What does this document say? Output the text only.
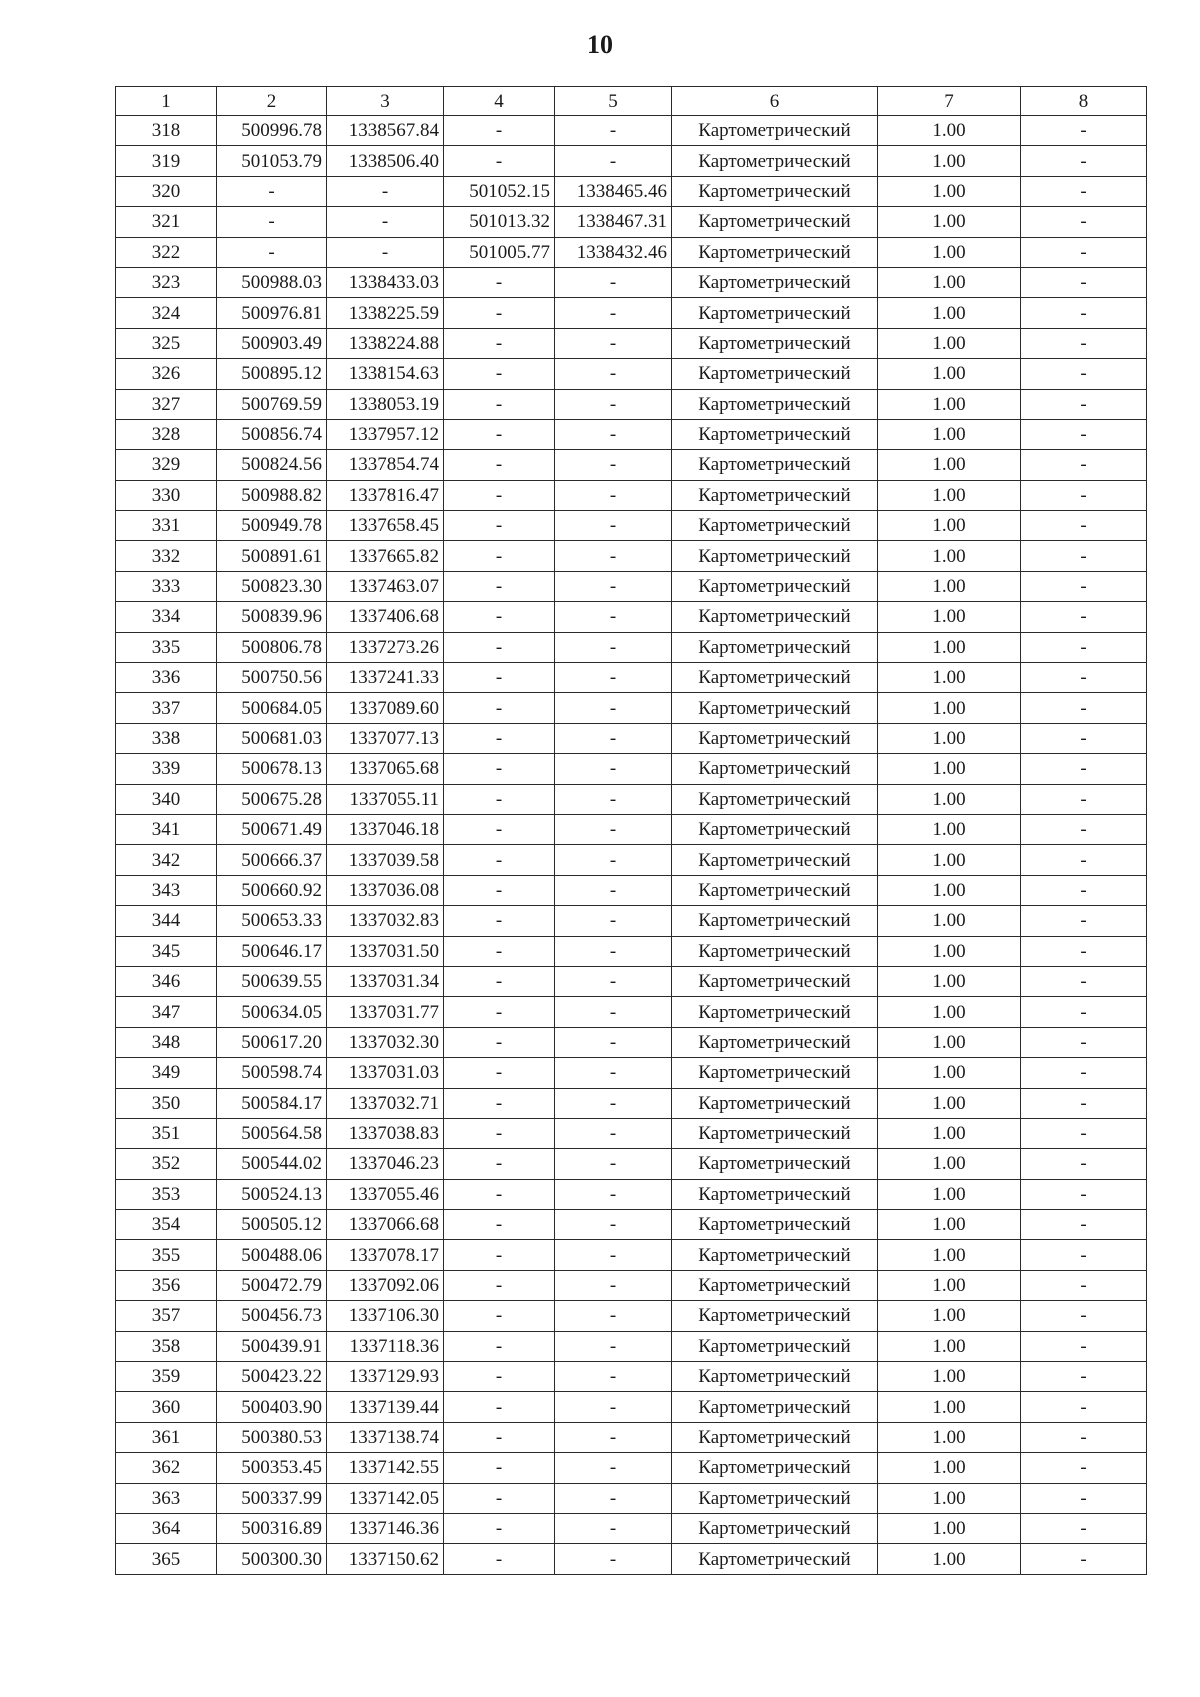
10
1	2	3	4	5	6	7	8
318	500996.78	1338567.84	-	-	Картометрический	1.00	-
319	501053.79	1338506.40	-	-	Картометрический	1.00	-
320	-	-	501052.15	1338465.46	Картометрический	1.00	-
321	-	-	501013.32	1338467.31	Картометрический	1.00	-
322	-	-	501005.77	1338432.46	Картометрический	1.00	-
323	500988.03	1338433.03	-	-	Картометрический	1.00	-
324	500976.81	1338225.59	-	-	Картометрический	1.00	-
325	500903.49	1338224.88	-	-	Картометрический	1.00	-
326	500895.12	1338154.63	-	-	Картометрический	1.00	-
327	500769.59	1338053.19	-	-	Картометрический	1.00	-
328	500856.74	1337957.12	-	-	Картометрический	1.00	-
329	500824.56	1337854.74	-	-	Картометрический	1.00	-
330	500988.82	1337816.47	-	-	Картометрический	1.00	-
331	500949.78	1337658.45	-	-	Картометрический	1.00	-
332	500891.61	1337665.82	-	-	Картометрический	1.00	-
333	500823.30	1337463.07	-	-	Картометрический	1.00	-
334	500839.96	1337406.68	-	-	Картометрический	1.00	-
335	500806.78	1337273.26	-	-	Картометрический	1.00	-
336	500750.56	1337241.33	-	-	Картометрический	1.00	-
337	500684.05	1337089.60	-	-	Картометрический	1.00	-
338	500681.03	1337077.13	-	-	Картометрический	1.00	-
339	500678.13	1337065.68	-	-	Картометрический	1.00	-
340	500675.28	1337055.11	-	-	Картометрический	1.00	-
341	500671.49	1337046.18	-	-	Картометрический	1.00	-
342	500666.37	1337039.58	-	-	Картометрический	1.00	-
343	500660.92	1337036.08	-	-	Картометрический	1.00	-
344	500653.33	1337032.83	-	-	Картометрический	1.00	-
345	500646.17	1337031.50	-	-	Картометрический	1.00	-
346	500639.55	1337031.34	-	-	Картометрический	1.00	-
347	500634.05	1337031.77	-	-	Картометрический	1.00	-
348	500617.20	1337032.30	-	-	Картометрический	1.00	-
349	500598.74	1337031.03	-	-	Картометрический	1.00	-
350	500584.17	1337032.71	-	-	Картометрический	1.00	-
351	500564.58	1337038.83	-	-	Картометрический	1.00	-
352	500544.02	1337046.23	-	-	Картометрический	1.00	-
353	500524.13	1337055.46	-	-	Картометрический	1.00	-
354	500505.12	1337066.68	-	-	Картометрический	1.00	-
355	500488.06	1337078.17	-	-	Картометрический	1.00	-
356	500472.79	1337092.06	-	-	Картометрический	1.00	-
357	500456.73	1337106.30	-	-	Картометрический	1.00	-
358	500439.91	1337118.36	-	-	Картометрический	1.00	-
359	500423.22	1337129.93	-	-	Картометрический	1.00	-
360	500403.90	1337139.44	-	-	Картометрический	1.00	-
361	500380.53	1337138.74	-	-	Картометрический	1.00	-
362	500353.45	1337142.55	-	-	Картометрический	1.00	-
363	500337.99	1337142.05	-	-	Картометрический	1.00	-
364	500316.89	1337146.36	-	-	Картометрический	1.00	-
365	500300.30	1337150.62	-	-	Картометрический	1.00	-
